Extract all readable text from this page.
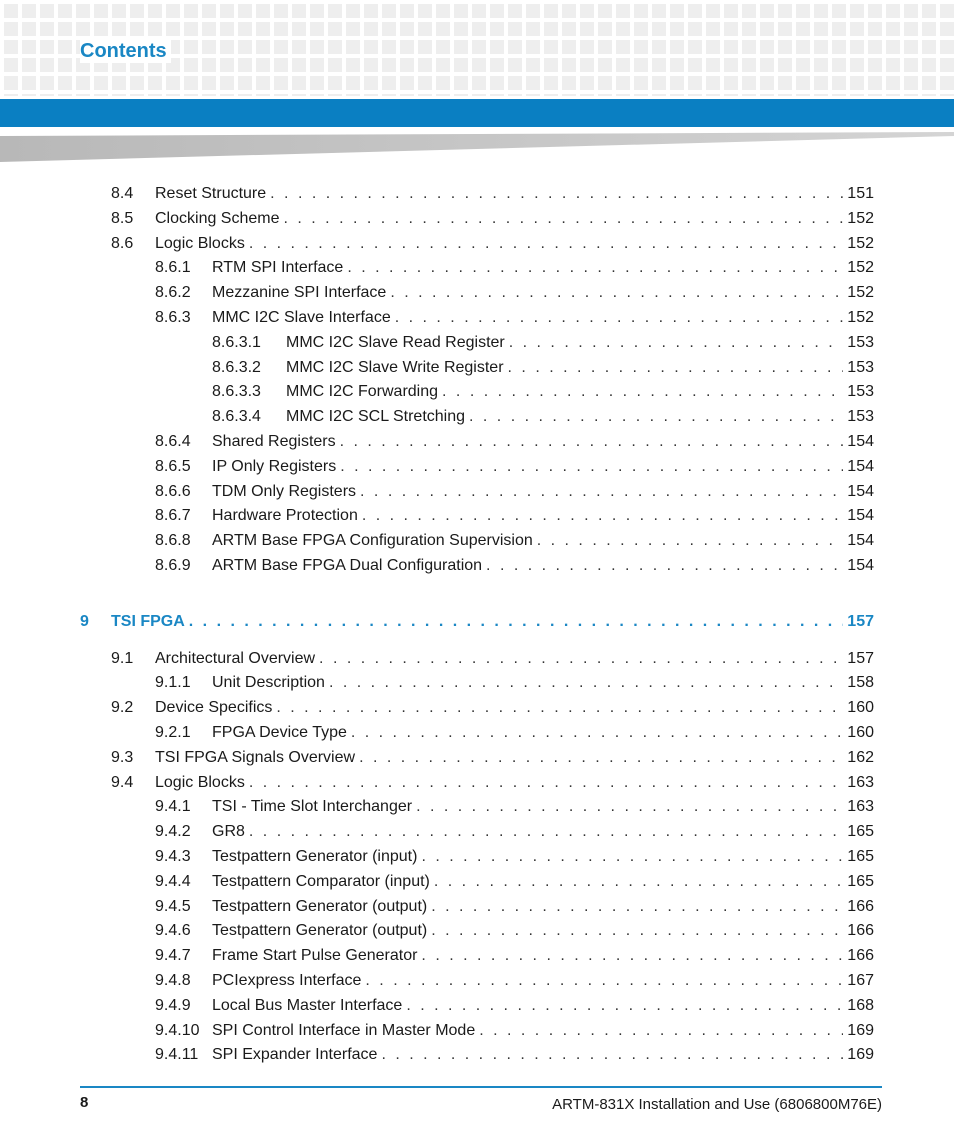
Contents
8.4 Reset Structure . . .	151
8.5 Clocking Scheme . . .	152
8.6 Logic Blocks . . .	152
8.6.1 RTM SPI Interface . . .	152
8.6.2 Mezzanine SPI Interface . . .	152
8.6.3 MMC I2C Slave Interface . . .	152
8.6.3.1 MMC I2C Slave Read Register . . .	153
8.6.3.2 MMC I2C Slave Write Register . . .	153
8.6.3.3 MMC I2C Forwarding . . .	153
8.6.3.4 MMC I2C SCL Stretching . . .	153
8.6.4 Shared Registers . . .	154
8.6.5 IP Only Registers . . .	154
8.6.6 TDM Only Registers . . .	154
8.6.7 Hardware Protection . . .	154
8.6.8 ARTM Base FPGA Configuration Supervision . . .	154
8.6.9 ARTM Base FPGA Dual Configuration . . .	154
9 TSI FPGA . . .	157
9.1 Architectural Overview . . .	157
9.1.1 Unit Description . . .	158
9.2 Device Specifics . . .	160
9.2.1 FPGA Device Type . . .	160
9.3 TSI FPGA Signals Overview . . .	162
9.4 Logic Blocks . . .	163
9.4.1 TSI - Time Slot Interchanger . . .	163
9.4.2 GR8 . . .	165
9.4.3 Testpattern Generator (input) . . .	165
9.4.4 Testpattern Comparator (input) . . .	165
9.4.5 Testpattern Generator (output) . . .	166
9.4.6 Testpattern Generator (output) . . .	166
9.4.7 Frame Start Pulse Generator . . .	166
9.4.8 PCIexpress Interface . . .	167
9.4.9 Local Bus Master Interface . . .	168
9.4.10 SPI Control Interface in Master Mode . . .	169
9.4.11 SPI Expander Interface . . .	169
8	ARTM-831X Installation and Use (6806800M76E)
